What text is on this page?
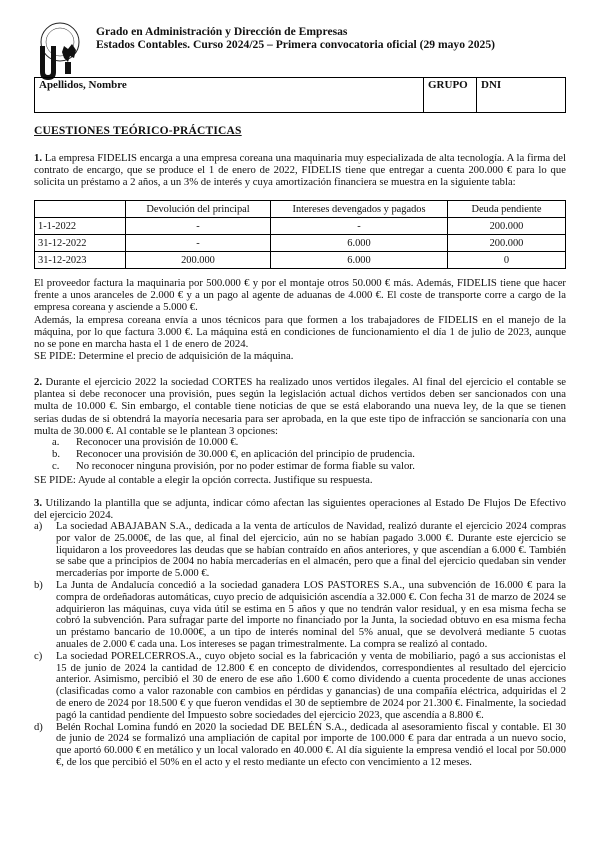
Grado en Administración y Dirección de Empresas
Estados Contables. Curso 2024/25 – Primera convocatoria oficial (29 mayo 2025)
Apellidos, Nombre	GRUPO	DNI
CUESTIONES TEÓRICO-PRÁCTICAS

1. La empresa FIDELIS encarga a una empresa coreana una maquinaria muy especializada de alta tecnología. A la firma del contrato de encargo, que se produce el 1 de enero de 2022, FIDELIS tiene que entregar a cuenta 200.000 € para lo que solicita un préstamo a 2 años, a un 3% de interés y cuya amortización financiera se muestra en la siguiente tabla:

	Devolución del principal	Intereses devengados y pagados	Deuda pendiente
1-1-2022	-	-	200.000
31-12-2022	-	6.000	200.000
31-12-2023	200.000	6.000	0

El proveedor factura la maquinaria por 500.000 € y por el montaje otros 50.000 € más. Además, FIDELIS tiene que hacer frente a unos aranceles de 2.000 € y a un pago al agente de aduanas de 4.000 €. El coste de transporte corre a cargo de la empresa coreana y asciende a 5.000 €.

Además, la empresa coreana envía a unos técnicos para que formen a los trabajadores de FIDELIS en el manejo de la máquina, por lo que factura 3.000 €. La máquina está en condiciones de funcionamiento el día 1 de julio de 2023, aunque no se pone en marcha hasta el 1 de enero de 2024.

SE PIDE: Determine el precio de adquisición de la máquina.

2. Durante el ejercicio 2022 la sociedad CORTES ha realizado unos vertidos ilegales. Al final del ejercicio el contable se plantea si debe reconocer una provisión, pues según la legislación actual dichos vertidos deben ser sancionados con una multa de 10.000 €. Sin embargo, el contable tiene noticias de que se está elaborando una nueva ley, de la que se tienen serias dudas de si obtendrá la mayoría necesaria para ser aprobada, en la que este tipo de infracción se sancionaría con una multa de 30.000 €. Al contable se le plantean 3 opciones:

a.	Reconocer una provisión de 10.000 €.
b.	Reconocer una provisión de 30.000 €, en aplicación del principio de prudencia.
c.	No reconocer ninguna provisión, por no poder estimar de forma fiable su valor.

SE PIDE: Ayude al contable a elegir la opción correcta. Justifique su respuesta.

3. Utilizando la plantilla que se adjunta, indicar cómo afectan las siguientes operaciones al Estado De Flujos De Efectivo del ejercicio 2024.

a)	La sociedad ABAJABAN S.A., dedicada a la venta de artículos de Navidad, realizó durante el ejercicio 2024 compras por valor de 25.000€, de las que, al final del ejercicio, aún no se habían pagado 3.000 €. Durante este ejercicio se liquidaron a los proveedores las deudas que se habían contraído en años anteriores, y que ascendían a 6.000 €. También se sabe que a principios de 2004 no había mercaderías en el almacén, pero que a final del ejercicio quedaban sin vender mercaderías por importe de 5.000 €.
b)	La Junta de Andalucía concedió a la sociedad ganadera LOS PASTORES S.A., una subvención de 16.000 € para la compra de ordeñadoras automáticas, cuyo precio de adquisición ascendía a 32.000 €. Con fecha 31 de marzo de 2024 se adquirieron las máquinas, cuya vida útil se estima en 5 años y que no tendrán valor residual, y en esa misma fecha se cobró la subvención. Para sufragar parte del importe no financiado por la Junta, la sociedad obtuvo en esa misma fecha un préstamo bancario de 10.000€, a un tipo de interés nominal del 5% anual, que se devolverá mediante 5 cuotas anuales de 2.000 € cada una. Los intereses se pagan trimestralmente. La compra se realizó al contado.
c)	La sociedad PORELCERROS.A., cuyo objeto social es la fabricación y venta de mobiliario, pagó a sus accionistas el 15 de junio de 2024 la cantidad de 12.800 € en concepto de dividendos, correspondientes al resultado del ejercicio anterior. Asimismo, percibió el 30 de enero de ese año 1.600 € como dividendo a cuenta procedente de unas acciones (clasificadas como a valor razonable con cambios en pérdidas y ganancias) de una compañía eléctrica, adquiridas el 2 de enero de 2024 por 18.500 € y que fueron vendidas el 30 de septiembre de 2024 por 21.300 €. Finalmente, la sociedad pagó la cantidad pendiente del Impuesto sobre sociedades del ejercicio 2023, que ascendía a 8.800 €.
d)	Belén Rochal Lomina fundó en 2020 la sociedad DE BELÉN S.A., dedicada al asesoramiento fiscal y contable. El 30 de junio de 2024 se formalizó una ampliación de capital por importe de 100.000 € para dar entrada a un nuevo socio, que aportó 60.000 € en metálico y un local valorado en 40.000 €. Al día siguiente la empresa vendió el local por 50.000 €, de los que percibió el 50% en el acto y el resto mediante un efecto con vencimiento a 12 meses.
